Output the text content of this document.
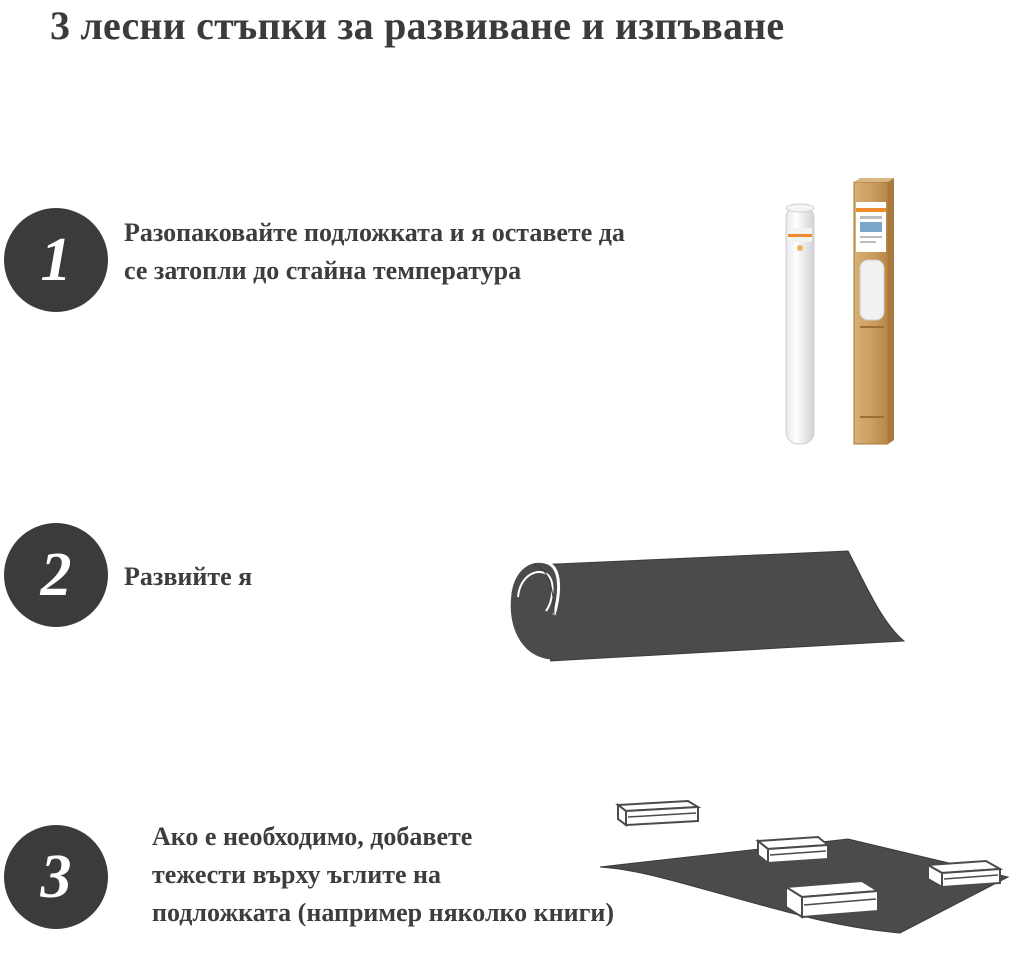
3 лесни стъпки за развиване и изпъване
1	Разопаковайте подложката и я оставете да
се затопли до стайна температура

2	Развийте я

3

Ако е необходимо, добавете
тежести върху ъглите на
подложката (например няколко книги)
